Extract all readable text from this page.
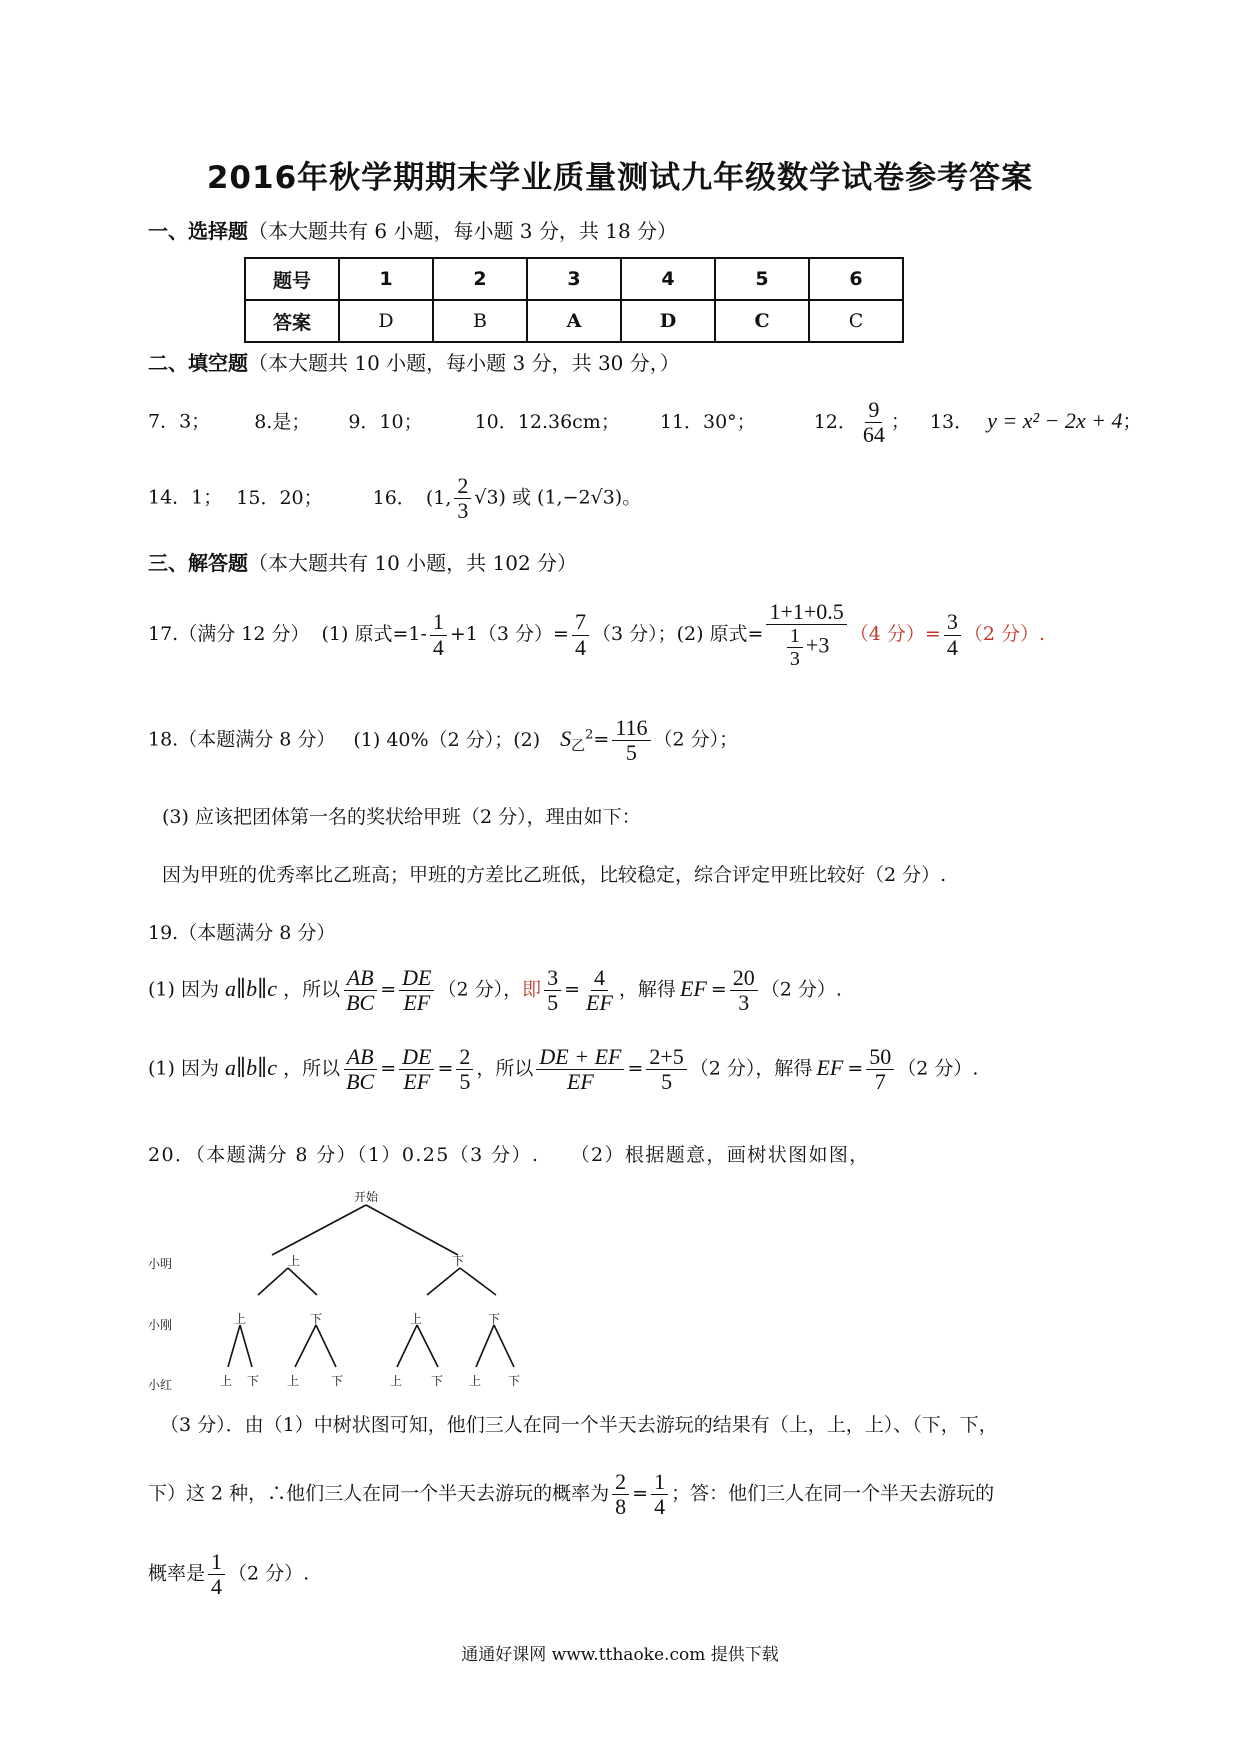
2016年秋学期期末学业质量测试九年级数学试卷参考答案
一、选择题（本大题共有 6 小题，每小题 3 分，共 18 分）
题号	1	2	3	4	5	6
答案	D	B	A	D	C	C
二、填空题（本大题共 10 小题，每小题 3 分，共 30 分，）
7．3； 8.是； 9．10；	10．12.36cm； 11．30°；	12． $\frac{9}{64}$ ； 13． y = x² − 2x + 4；
14．1； 15．20；	16． (1, $\frac{2}{3} √3$) 或 (1,−2√3)。
三、解答题（本大题共有 10 小题，共 102 分）
17.（满分 12 分） (1) 原式$=1- \frac{1}{4} +1(3$ 分）= $\frac{7}{4} (3$ 分）；(2) 原式= $\frac{1+1+0.5}{\frac{1}{3} +3} (4$ 分）= $\frac{3}{4} (2$ 分）.
18.（本题满分 8 分） (1) 40%（2 分）；(2) $S_乙^2= \frac{116}{5} (2$ 分）；
(3) 应该把团体第一名的奖状给甲班（2 分），理由如下：
因为甲班的优秀率比乙班高；甲班的方差比乙班低，比较稳定，综合评定甲班比较好（2 分）.
19.（本题满分 8 分）
(1) 因为 a∥b∥c ，所以 $\frac{AB}{BC} = \frac{DE}{EF} (2$ 分），即 $\frac{3}{5} = \frac{4}{EF}$ ，解得 EF = $\frac{20}{3} (2$ 分）.
(1) 因为 a∥b∥c ，所以 $\frac{AB}{BC} = \frac{DE}{EF} = \frac{2}{5}$ ，所以 $\frac{DE + EF}{EF} = \frac{2+5}{5} (2$ 分），解得 EF = $\frac{50}{7} (2$ 分）.
20．（本题满分 8 分）（1）0.25（3 分）.　　（2）根据题意，画树状图如图，
开始
小明
小刚
小红
上	下
上	下	上	下
上 下 上	下	上 下 上 下
（3 分）．由（1）中树状图可知，他们三人在同一个半天去游玩的结果有（上，上，上）、（下，下，
下）这 2 种，∴他们三人在同一个半天去游玩的概率为 $\frac{2}{8} = \frac{1}{4}$ ；答：他们三人在同一个半天去游玩的
概率是 $\frac{1}{4} (2$ 分）.
通通好课网 www.tthaoke.com 提供下载
